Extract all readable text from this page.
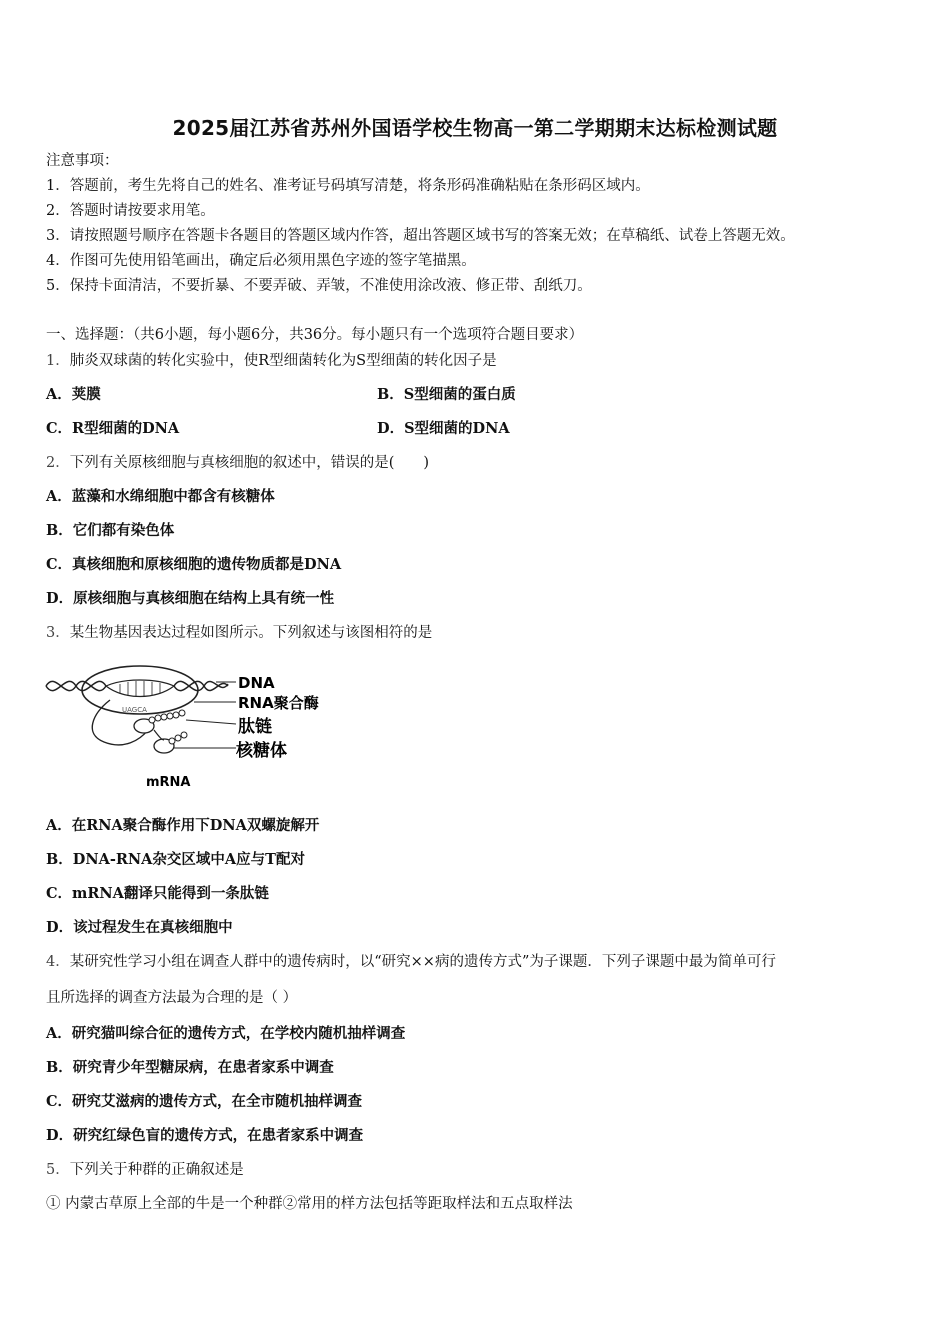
2025届江苏省苏州外国语学校生物高一第二学期期末达标检测试题
注意事项：
1．答题前，考生先将自己的姓名、准考证号码填写清楚，将条形码准确粘贴在条形码区域内。
2．答题时请按要求用笔。
3．请按照题号顺序在答题卡各题目的答题区域内作答，超出答题区域书写的答案无效；在草稿纸、试卷上答题无效。
4．作图可先使用铅笔画出，确定后必须用黑色字迹的签字笔描黑。
5．保持卡面清洁，不要折暴、不要弄破、弄皱，不准使用涂改液、修正带、刮纸刀。
一、选择题：（共6小题，每小题6分，共36分。每小题只有一个选项符合题目要求）
1．肺炎双球菌的转化实验中，使R型细菌转化为S型细菌的转化因子是
A．荚膜	B．S型细菌的蛋白质
C．R型细菌的DNA	D．S型细菌的DNA
2．下列有关原核细胞与真核细胞的叙述中，错误的是(　　)
A．蓝藻和水绵细胞中都含有核糖体
B．它们都有染色体
C．真核细胞和原核细胞的遗传物质都是DNA
D．原核细胞与真核细胞在结构上具有统一性
3．某生物基因表达过程如图所示。下列叙述与该图相符的是
UAGCA
DNA
RNA聚合酶
肽链
核糖体
mRNA
A．在RNA聚合酶作用下DNA双螺旋解开
B．DNA-RNA杂交区域中A应与T配对
C．mRNA翻译只能得到一条肽链
D．该过程发生在真核细胞中
4．某研究性学习小组在调查人群中的遗传病时，以“研究××病的遗传方式”为子课题．下列子课题中最为简单可行
且所选择的调查方法最为合理的是（ ）
A．研究猫叫综合征的遗传方式，在学校内随机抽样调查
B．研究青少年型糖尿病，在患者家系中调查
C．研究艾滋病的遗传方式，在全市随机抽样调查
D．研究红绿色盲的遗传方式，在患者家系中调查
5．下列关于种群的正确叙述是
① 内蒙古草原上全部的牛是一个种群②常用的样方法包括等距取样法和五点取样法
